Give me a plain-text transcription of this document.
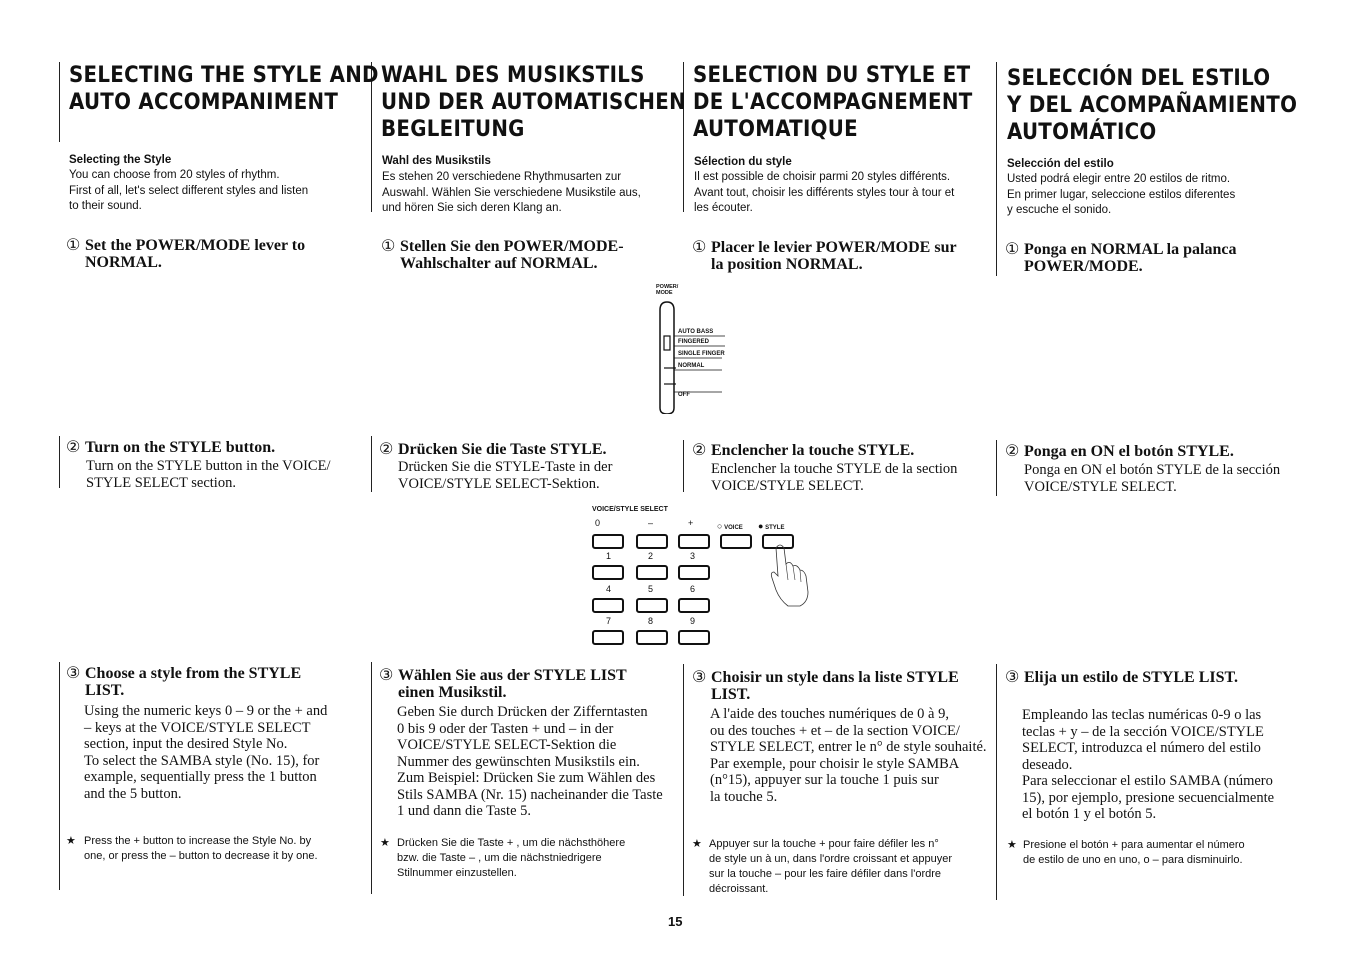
SELECTING THE STYLE AND
AUTO ACCOMPANIMENT
Selecting the Style
You can choose from 20 styles of rhythm.
First of all, let's select different styles and listen
to their sound.

① Set the POWER/MODE lever to
NORMAL.

② Turn on the STYLE button.

Turn on the STYLE button in the VOICE/
STYLE SELECT section.

③ Choose a style from the STYLE
LIST.

Using the numeric keys 0 – 9 or the + and
– keys at the VOICE/STYLE SELECT
section, input the desired Style No.
To select the SAMBA style (No. 15), for
example, sequentially press the 1 button
and the 5 button.
★ Press the + button to increase the Style No. by
one, or press the – button to decrease it by one.
WAHL DES MUSIKSTILS
UND DER AUTOMATISCHEN
BEGLEITUNG
Wahl des Musikstils
Es stehen 20 verschiedene Rhythmusarten zur
Auswahl. Wählen Sie verschiedene Musikstile aus,
und hören Sie sich deren Klang an.

① Stellen Sie den POWER/MODE-
Wahlschalter auf NORMAL.

② Drücken Sie die Taste STYLE.

Drücken Sie die STYLE-Taste in der
VOICE/STYLE SELECT-Sektion.

③ Wählen Sie aus der STYLE LIST
einen Musikstil.

Geben Sie durch Drücken der Zifferntasten
0 bis 9 oder der Tasten + und – in der
VOICE/STYLE SELECT-Sektion die
Nummer des gewünschten Musikstils ein.
Zum Beispiel: Drücken Sie zum Wählen des
Stils SAMBA (Nr. 15) nacheinander die Taste
1 und dann die Taste 5.
★ Drücken Sie die Taste + , um die nächsthöhere
bzw. die Taste – , um die nächstniedrigere
Stilnummer einzustellen.
SELECTION DU STYLE ET
DE L'ACCOMPAGNEMENT
AUTOMATIQUE
Sélection du style
Il est possible de choisir parmi 20 styles différents.
Avant tout, choisir les différents styles tour à tour et
les écouter.

① Placer le levier POWER/MODE sur
la position NORMAL.

② Enclencher la touche STYLE.

Enclencher la touche STYLE de la section
VOICE/STYLE SELECT.

③ Choisir un style dans la liste STYLE
LIST.

A l'aide des touches numériques de 0 à 9,
ou des touches + et – de la section VOICE/
STYLE SELECT, entrer le n° de style souhaité.
Par exemple, pour choisir le style SAMBA
(n°15), appuyer sur la touche 1 puis sur
la touche 5.
★ Appuyer sur la touche + pour faire défiler les n°
de style un à un, dans l'ordre croissant et appuyer
sur la touche – pour les faire défiler dans l'ordre
décroissant.
SELECCIÓN DEL ESTILO
Y DEL ACOMPAÑAMIENTO
AUTOMÁTICO
Selección del estilo
Usted podrá elegir entre 20 estilos de ritmo.
En primer lugar, seleccione estilos diferentes
y escuche el sonido.

① Ponga en NORMAL la palanca
POWER/MODE.

② Ponga en ON el botón STYLE.

Ponga en ON el botón STYLE de la sección
VOICE/STYLE SELECT.

③ Elija un estilo de STYLE LIST.

Empleando las teclas numéricas 0-9 o las
teclas + y – de la sección VOICE/STYLE
SELECT, introduzca el número del estilo
deseado.
Para seleccionar el estilo SAMBA (número
15), por ejemplo, presione secuencialmente
el botón 1 y el botón 5.
★ Presione el botón + para aumentar el número
de estilo de uno en uno, o – para disminuirlo.
POWER/
MODE
AUTO BASS
FINGERED
SINGLE FINGER
NORMAL
OFF
VOICE/STYLE SELECT
0	–	+	○ VOICE ● STYLE
1	2	3
4	5	6
7	8	9
15
